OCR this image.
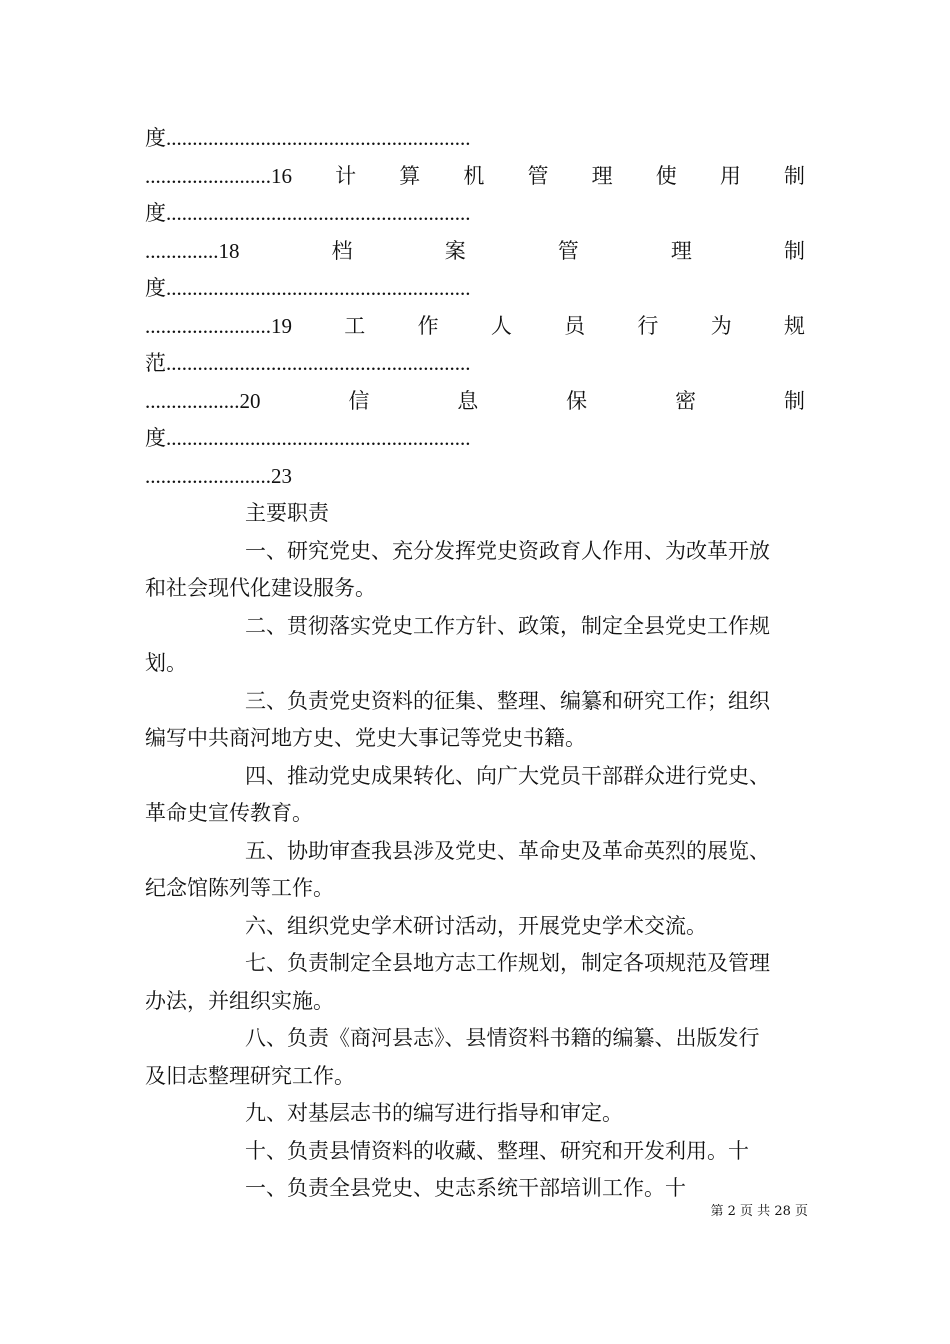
度..........................................................
........................16 计 算 机 管 理 使 用 制
度..........................................................
..............18	档	案	管	理	制
度..........................................................
........................19 工 作 人 员 行 为 规
范..........................................................
..................20	信	息	保	密	制
度..........................................................
........................23
主要职责
一、研究党史、充分发挥党史资政育人作用、为改革开放
和社会现代化建设服务。
二、贯彻落实党史工作方针、政策，制定全县党史工作规
划。
三、负责党史资料的征集、整理、编纂和研究工作；组织
编写中共商河地方史、党史大事记等党史书籍。
四、推动党史成果转化、向广大党员干部群众进行党史、
革命史宣传教育。
五、协助审查我县涉及党史、革命史及革命英烈的展览、
纪念馆陈列等工作。
六、组织党史学术研讨活动，开展党史学术交流。
七、负责制定全县地方志工作规划，制定各项规范及管理
办法，并组织实施。
八、负责《商河县志》、县情资料书籍的编纂、出版发行
及旧志整理研究工作。
九、对基层志书的编写进行指导和审定。
十、负责县情资料的收藏、整理、研究和开发利用。十
一、负责全县党史、史志系统干部培训工作。十
第 2 页 共 28 页
